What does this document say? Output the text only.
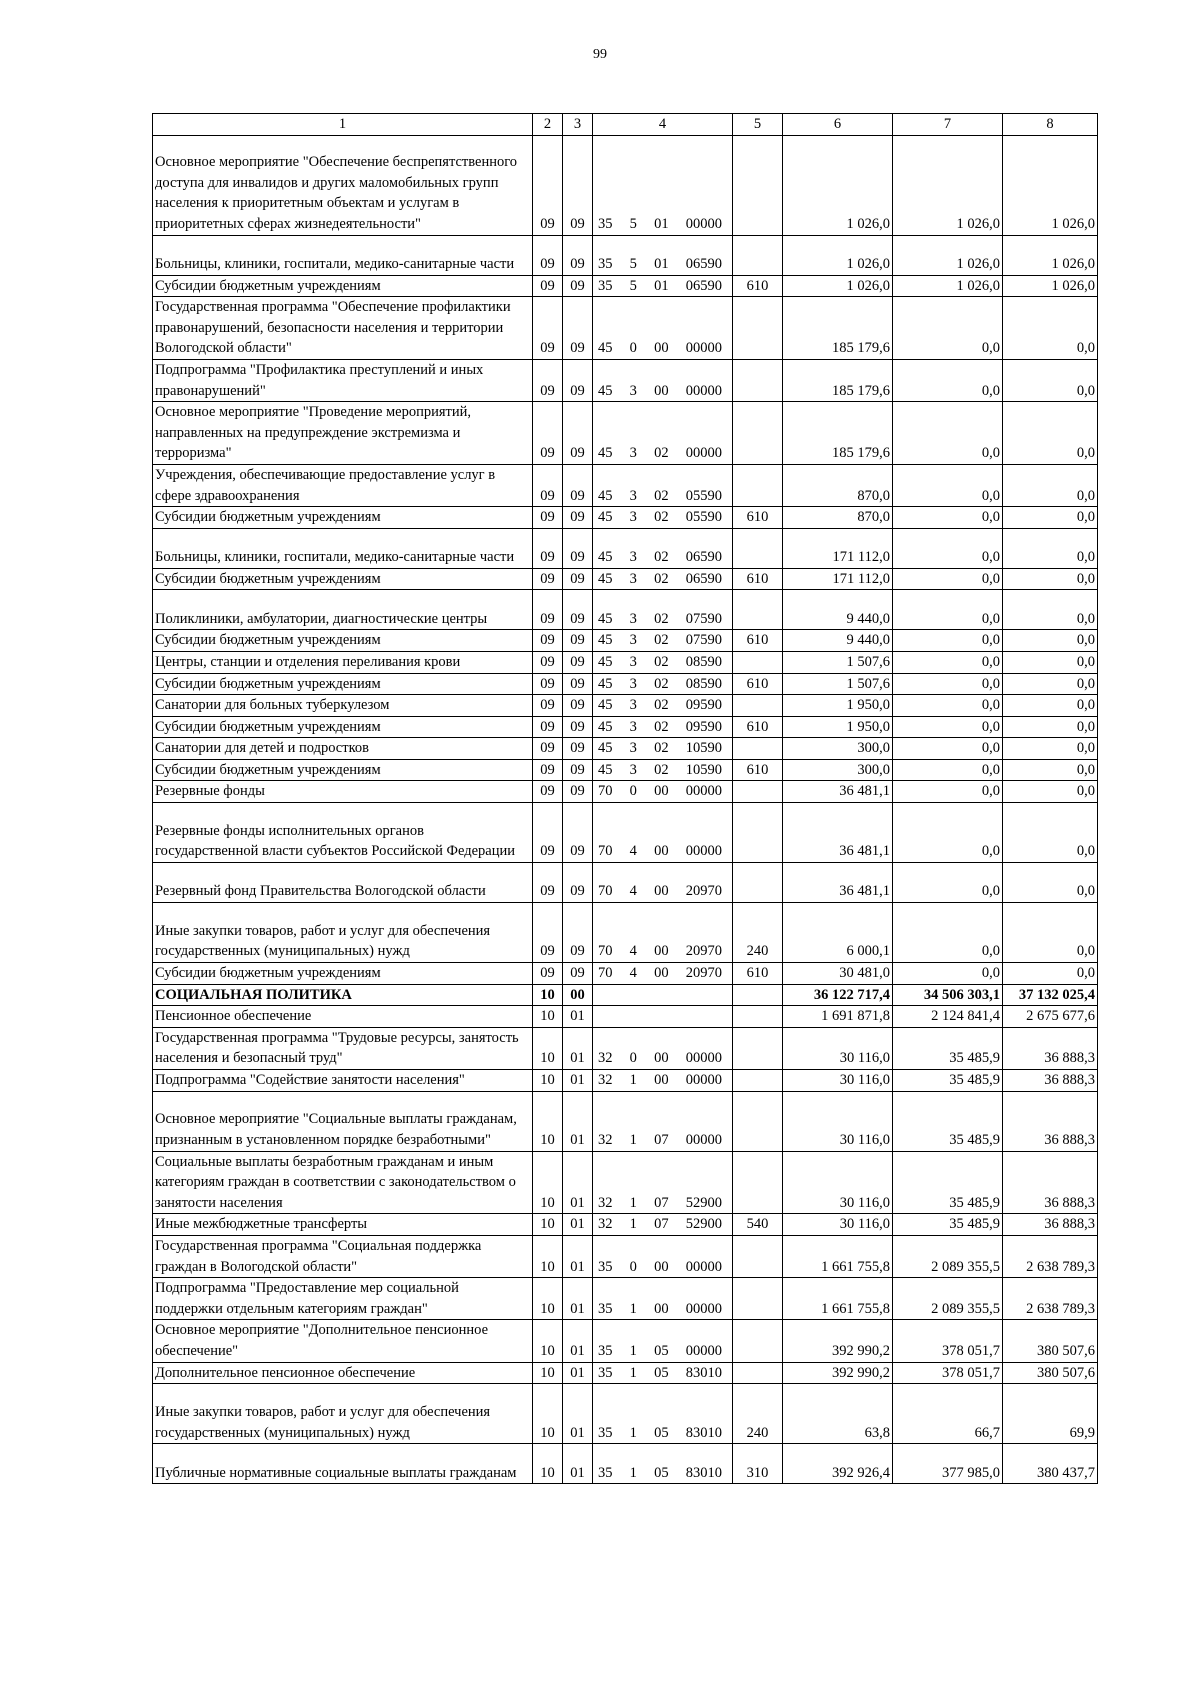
99
1	2	3	4	5	6	7	8
Основное мероприятие "Обеспечение беспрепятственного доступа для инвалидов и других маломобильных групп населения к приоритетным объектам и услугам в приоритетных сферах жизнедеятельности"	09	09	35 5 01 00000		1 026,0	1 026,0	1 026,0
Больницы, клиники, госпитали, медико-санитарные части	09	09	35 5 01 06590		1 026,0	1 026,0	1 026,0
Субсидии бюджетным учреждениям	09	09	35 5 01 06590	610	1 026,0	1 026,0	1 026,0
Государственная программа "Обеспечение профилактики правонарушений, безопасности населения и территории Вологодской области"	09	09	45 0 00 00000		185 179,6	0,0	0,0
Подпрограмма "Профилактика преступлений и иных правонарушений"	09	09	45 3 00 00000		185 179,6	0,0	0,0
Основное мероприятие "Проведение мероприятий, направленных на предупреждение экстремизма и терроризма"	09	09	45 3 02 00000		185 179,6	0,0	0,0
Учреждения, обеспечивающие предоставление услуг в сфере здравоохранения	09	09	45 3 02 05590		870,0	0,0	0,0
Субсидии бюджетным учреждениям	09	09	45 3 02 05590	610	870,0	0,0	0,0
Больницы, клиники, госпитали, медико-санитарные части	09	09	45 3 02 06590		171 112,0	0,0	0,0
Субсидии бюджетным учреждениям	09	09	45 3 02 06590	610	171 112,0	0,0	0,0
Поликлиники, амбулатории, диагностические центры	09	09	45 3 02 07590		9 440,0	0,0	0,0
Субсидии бюджетным учреждениям	09	09	45 3 02 07590	610	9 440,0	0,0	0,0
Центры, станции и отделения переливания крови	09	09	45 3 02 08590		1 507,6	0,0	0,0
Субсидии бюджетным учреждениям	09	09	45 3 02 08590	610	1 507,6	0,0	0,0
Санатории для больных туберкулезом	09	09	45 3 02 09590		1 950,0	0,0	0,0
Субсидии бюджетным учреждениям	09	09	45 3 02 09590	610	1 950,0	0,0	0,0
Санатории для детей и подростков	09	09	45 3 02 10590		300,0	0,0	0,0
Субсидии бюджетным учреждениям	09	09	45 3 02 10590	610	300,0	0,0	0,0
Резервные фонды	09	09	70 0 00 00000		36 481,1	0,0	0,0
Резервные фонды исполнительных органов государственной власти субъектов Российской Федерации	09	09	70 4 00 00000		36 481,1	0,0	0,0
Резервный фонд Правительства Вологодской области	09	09	70 4 00 20970		36 481,1	0,0	0,0
Иные закупки товаров, работ и услуг для обеспечения государственных (муниципальных) нужд	09	09	70 4 00 20970	240	6 000,1	0,0	0,0
Субсидии бюджетным учреждениям	09	09	70 4 00 20970	610	30 481,0	0,0	0,0
СОЦИАЛЬНАЯ ПОЛИТИКА	10	00			36 122 717,4	34 506 303,1	37 132 025,4
Пенсионное обеспечение	10	01			1 691 871,8	2 124 841,4	2 675 677,6
Государственная программа "Трудовые ресурсы, занятость населения и безопасный труд"	10	01	32 0 00 00000		30 116,0	35 485,9	36 888,3
Подпрограмма "Содействие занятости населения"	10	01	32 1 00 00000		30 116,0	35 485,9	36 888,3
Основное мероприятие "Социальные выплаты гражданам, признанным в установленном порядке безработными"	10	01	32 1 07 00000		30 116,0	35 485,9	36 888,3
Социальные выплаты безработным гражданам и иным категориям граждан в соответствии с законодательством о занятости населения	10	01	32 1 07 52900		30 116,0	35 485,9	36 888,3
Иные межбюджетные трансферты	10	01	32 1 07 52900	540	30 116,0	35 485,9	36 888,3
Государственная программа "Социальная поддержка граждан в Вологодской области"	10	01	35 0 00 00000		1 661 755,8	2 089 355,5	2 638 789,3
Подпрограмма "Предоставление мер социальной поддержки отдельным категориям граждан"	10	01	35 1 00 00000		1 661 755,8	2 089 355,5	2 638 789,3
Основное мероприятие "Дополнительное пенсионное обеспечение"	10	01	35 1 05 00000		392 990,2	378 051,7	380 507,6
Дополнительное пенсионное обеспечение	10	01	35 1 05 83010		392 990,2	378 051,7	380 507,6
Иные закупки товаров, работ и услуг для обеспечения государственных (муниципальных) нужд	10	01	35 1 05 83010	240	63,8	66,7	69,9
Публичные нормативные социальные выплаты гражданам	10	01	35 1 05 83010	310	392 926,4	377 985,0	380 437,7
